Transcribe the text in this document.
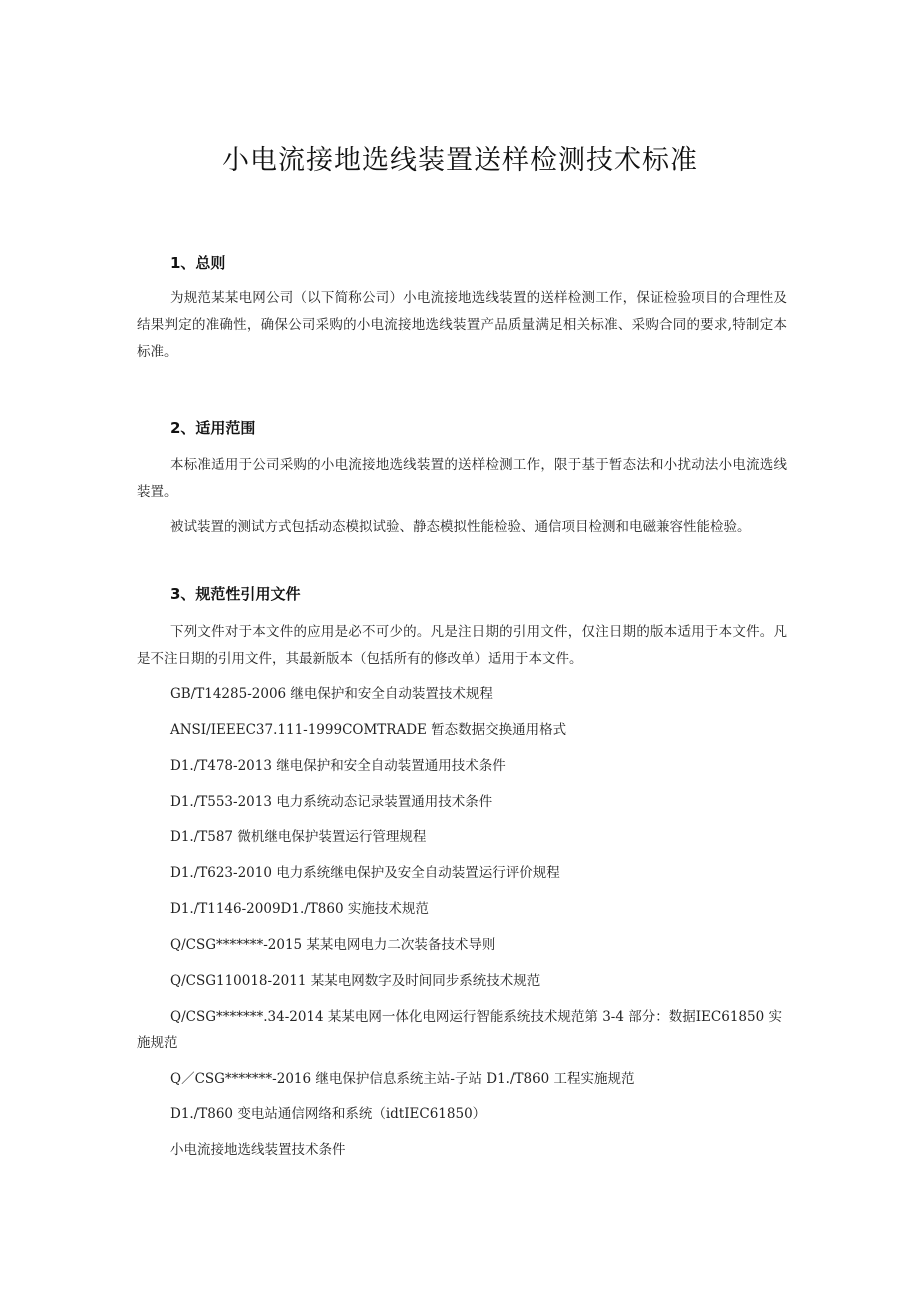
小电流接地选线装置送样检测技术标准
1、总则
为规范某某电网公司（以下简称公司）小电流接地选线装置的送样检测工作，保证检验项目的合理性及结果判定的准确性，确保公司采购的小电流接地选线装置产品质量满足相关标准、采购合同的要求,特制定本标准。
2、适用范围
本标准适用于公司采购的小电流接地选线装置的送样检测工作，限于基于暂态法和小扰动法小电流选线装置。
被试装置的测试方式包括动态模拟试验、静态模拟性能检验、通信项目检测和电磁兼容性能检验。
3、规范性引用文件
下列文件对于本文件的应用是必不可少的。凡是注日期的引用文件，仅注日期的版本适用于本文件。凡是不注日期的引用文件，其最新版本（包括所有的修改单）适用于本文件。
GB/T14285-2006 继电保护和安全自动装置技术规程
ANSI/IEEEC37.111-1999COMTRADE 暂态数据交换通用格式
D1./T478-2013 继电保护和安全自动装置通用技术条件
D1./T553-2013 电力系统动态记录装置通用技术条件
D1./T587 微机继电保护装置运行管理规程
D1./T623-2010 电力系统继电保护及安全自动装置运行评价规程
D1./T1146-2009D1./T860 实施技术规范
Q/CSG*******-2015 某某电网电力二次装备技术导则
Q/CSG110018-2011 某某电网数字及时间同步系统技术规范
Q/CSG*******.34-2014 某某电网一体化电网运行智能系统技术规范第 3-4 部分：数据IEC61850 实施规范
Q／CSG*******-2016 继电保护信息系统主站-子站 D1./T860 工程实施规范
D1./T860 变电站通信网络和系统（idtIEC61850）
小电流接地选线装置技术条件
